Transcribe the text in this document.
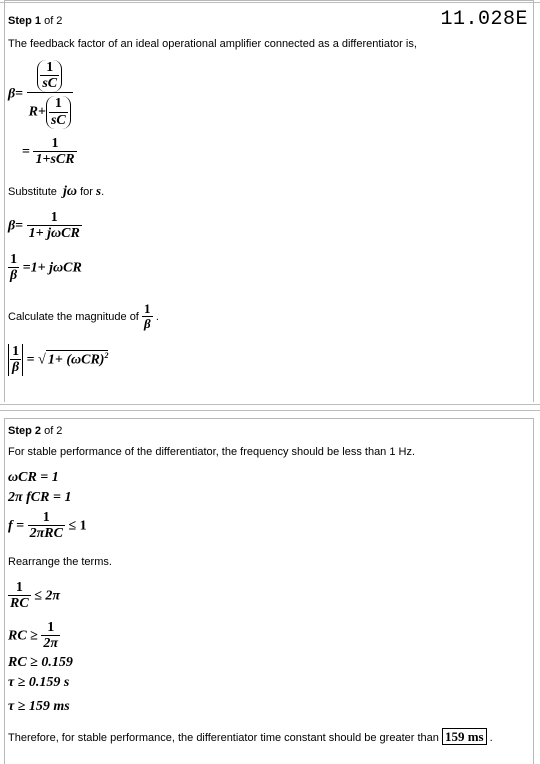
Step 1 of 2	11.028E
The feedback factor of an ideal operational amplifier connected as a differentiator is,
$\beta= \frac{\frac{1}{sC}}{R+ \frac{1}{sC}}$
= $\frac{1}{\text{1+sCR}}$
Substitute jω for s.
$\beta= \frac{1}{\text{1+ jωCR}}$
$\frac{1}{\beta} =1+ j\omega CR$
Calculate the magnitude of $\frac{1}{\beta}$ .
$\frac{1}{\beta}$ = √ $1+ (\omega CR)^2$
Step 2 of 2
For stable performance of the differentiator, the frequency should be less than 1 Hz.
ωCR = 1
2π fCR = 1
$f = \frac{1}{\text{2πRC}} \le 1$
Rearrange the terms.
$\frac{1}{RC} \le 2\pi$
RC ≥ $\frac{1}{2\pi}$
RC ≥ 0.159
τ ≥ 0.159 s
τ ≥ 159 ms
Therefore, for stable performance, the differentiator time constant should be greater than 159 ms .
